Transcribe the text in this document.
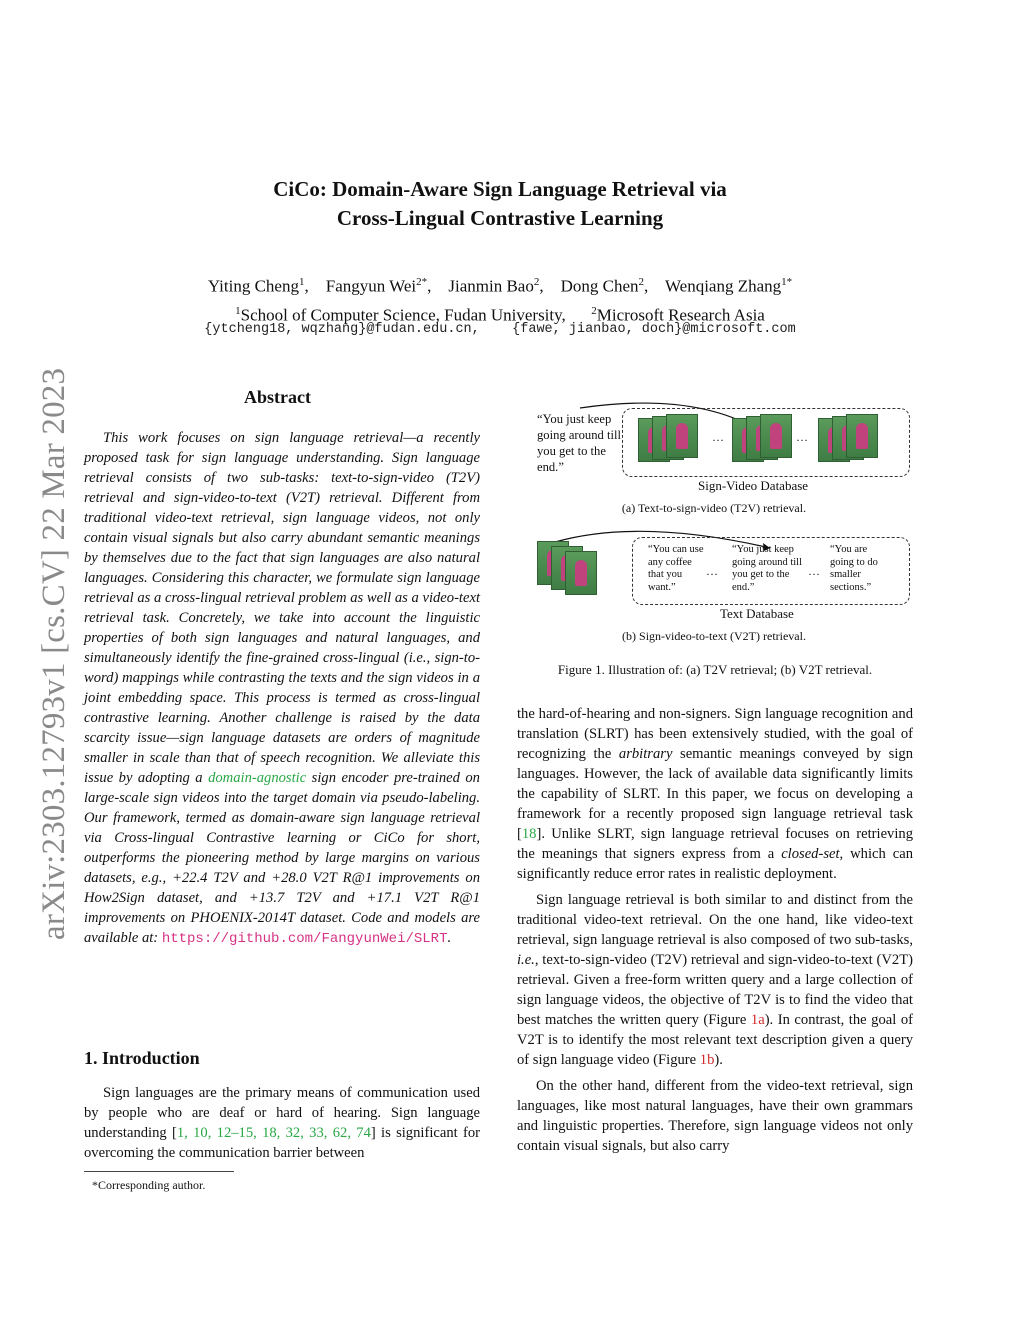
arXiv:2303.12793v1 [cs.CV] 22 Mar 2023
CiCo: Domain-Aware Sign Language Retrieval via
Cross-Lingual Contrastive Learning
Yiting Cheng$^1$,    Fangyun Wei$^{2*}$,    Jianmin Bao$^2$,    Dong Chen$^2$,    Wenqiang Zhang$^{1*}$
$^1$School of Computer Science, Fudan University, $^2$Microsoft Research Asia
{ytcheng18, wqzhang}@fudan.edu.cn, {fawe, jianbao, doch}@microsoft.com
Abstract

This work focuses on sign language retrieval—a recently proposed task for sign language understanding. Sign language retrieval consists of two sub-tasks: text-to-sign-video (T2V) retrieval and sign-video-to-text (V2T) retrieval. Different from traditional video-text retrieval, sign language videos, not only contain visual signals but also carry abundant semantic meanings by themselves due to the fact that sign languages are also natural languages. Considering this character, we formulate sign language retrieval as a cross-lingual retrieval problem as well as a video-text retrieval task. Concretely, we take into account the linguistic properties of both sign languages and natural languages, and simultaneously identify the fine-grained cross-lingual (i.e., sign-to-word) mappings while contrasting the texts and the sign videos in a joint embedding space. This process is termed as cross-lingual contrastive learning. Another challenge is raised by the data scarcity issue—sign language datasets are orders of magnitude smaller in scale than that of speech recognition. We alleviate this issue by adopting a domain-agnostic sign encoder pre-trained on large-scale sign videos into the target domain via pseudo-labeling. Our framework, termed as domain-aware sign language retrieval via Cross-lingual Contrastive learning or CiCo for short, outperforms the pioneering method by large margins on various datasets, e.g., +22.4 T2V and +28.0 V2T R@1 improvements on How2Sign dataset, and +13.7 T2V and +17.1 V2T R@1 improvements on PHOENIX-2014T dataset. Code and models are available at: https://github.com/FangyunWei/SLRT.

1. Introduction

Sign languages are the primary means of communication used by people who are deaf or hard of hearing. Sign language understanding [1, 10, 12–15, 18, 32, 33, 62, 74] is significant for overcoming the communication barrier between

*Corresponding author.
“You just keep going around till you get to the end.”
…	…
Sign-Video Database
(a) Text-to-sign-video (T2V) retrieval.
“You can use any coffee that you want.”
…
“You just keep going around till you get to the end.”
…
“You are going to do smaller sections.”
Text Database
(b) Sign-video-to-text (V2T) retrieval.
Figure 1. Illustration of: (a) T2V retrieval; (b) V2T retrieval.

the hard-of-hearing and non-signers. Sign language recognition and translation (SLRT) has been extensively studied, with the goal of recognizing the arbitrary semantic meanings conveyed by sign languages. However, the lack of available data significantly limits the capability of SLRT. In this paper, we focus on developing a framework for a recently proposed sign language retrieval task [18]. Unlike SLRT, sign language retrieval focuses on retrieving the meanings that signers express from a closed-set, which can significantly reduce error rates in realistic deployment.

Sign language retrieval is both similar to and distinct from the traditional video-text retrieval. On the one hand, like video-text retrieval, sign language retrieval is also composed of two sub-tasks, i.e., text-to-sign-video (T2V) retrieval and sign-video-to-text (V2T) retrieval. Given a free-form written query and a large collection of sign language videos, the objective of T2V is to find the video that best matches the written query (Figure 1a). In contrast, the goal of V2T is to identify the most relevant text description given a query of sign language video (Figure 1b).

On the other hand, different from the video-text retrieval, sign languages, like most natural languages, have their own grammars and linguistic properties. Therefore, sign language videos not only contain visual signals, but also carry
